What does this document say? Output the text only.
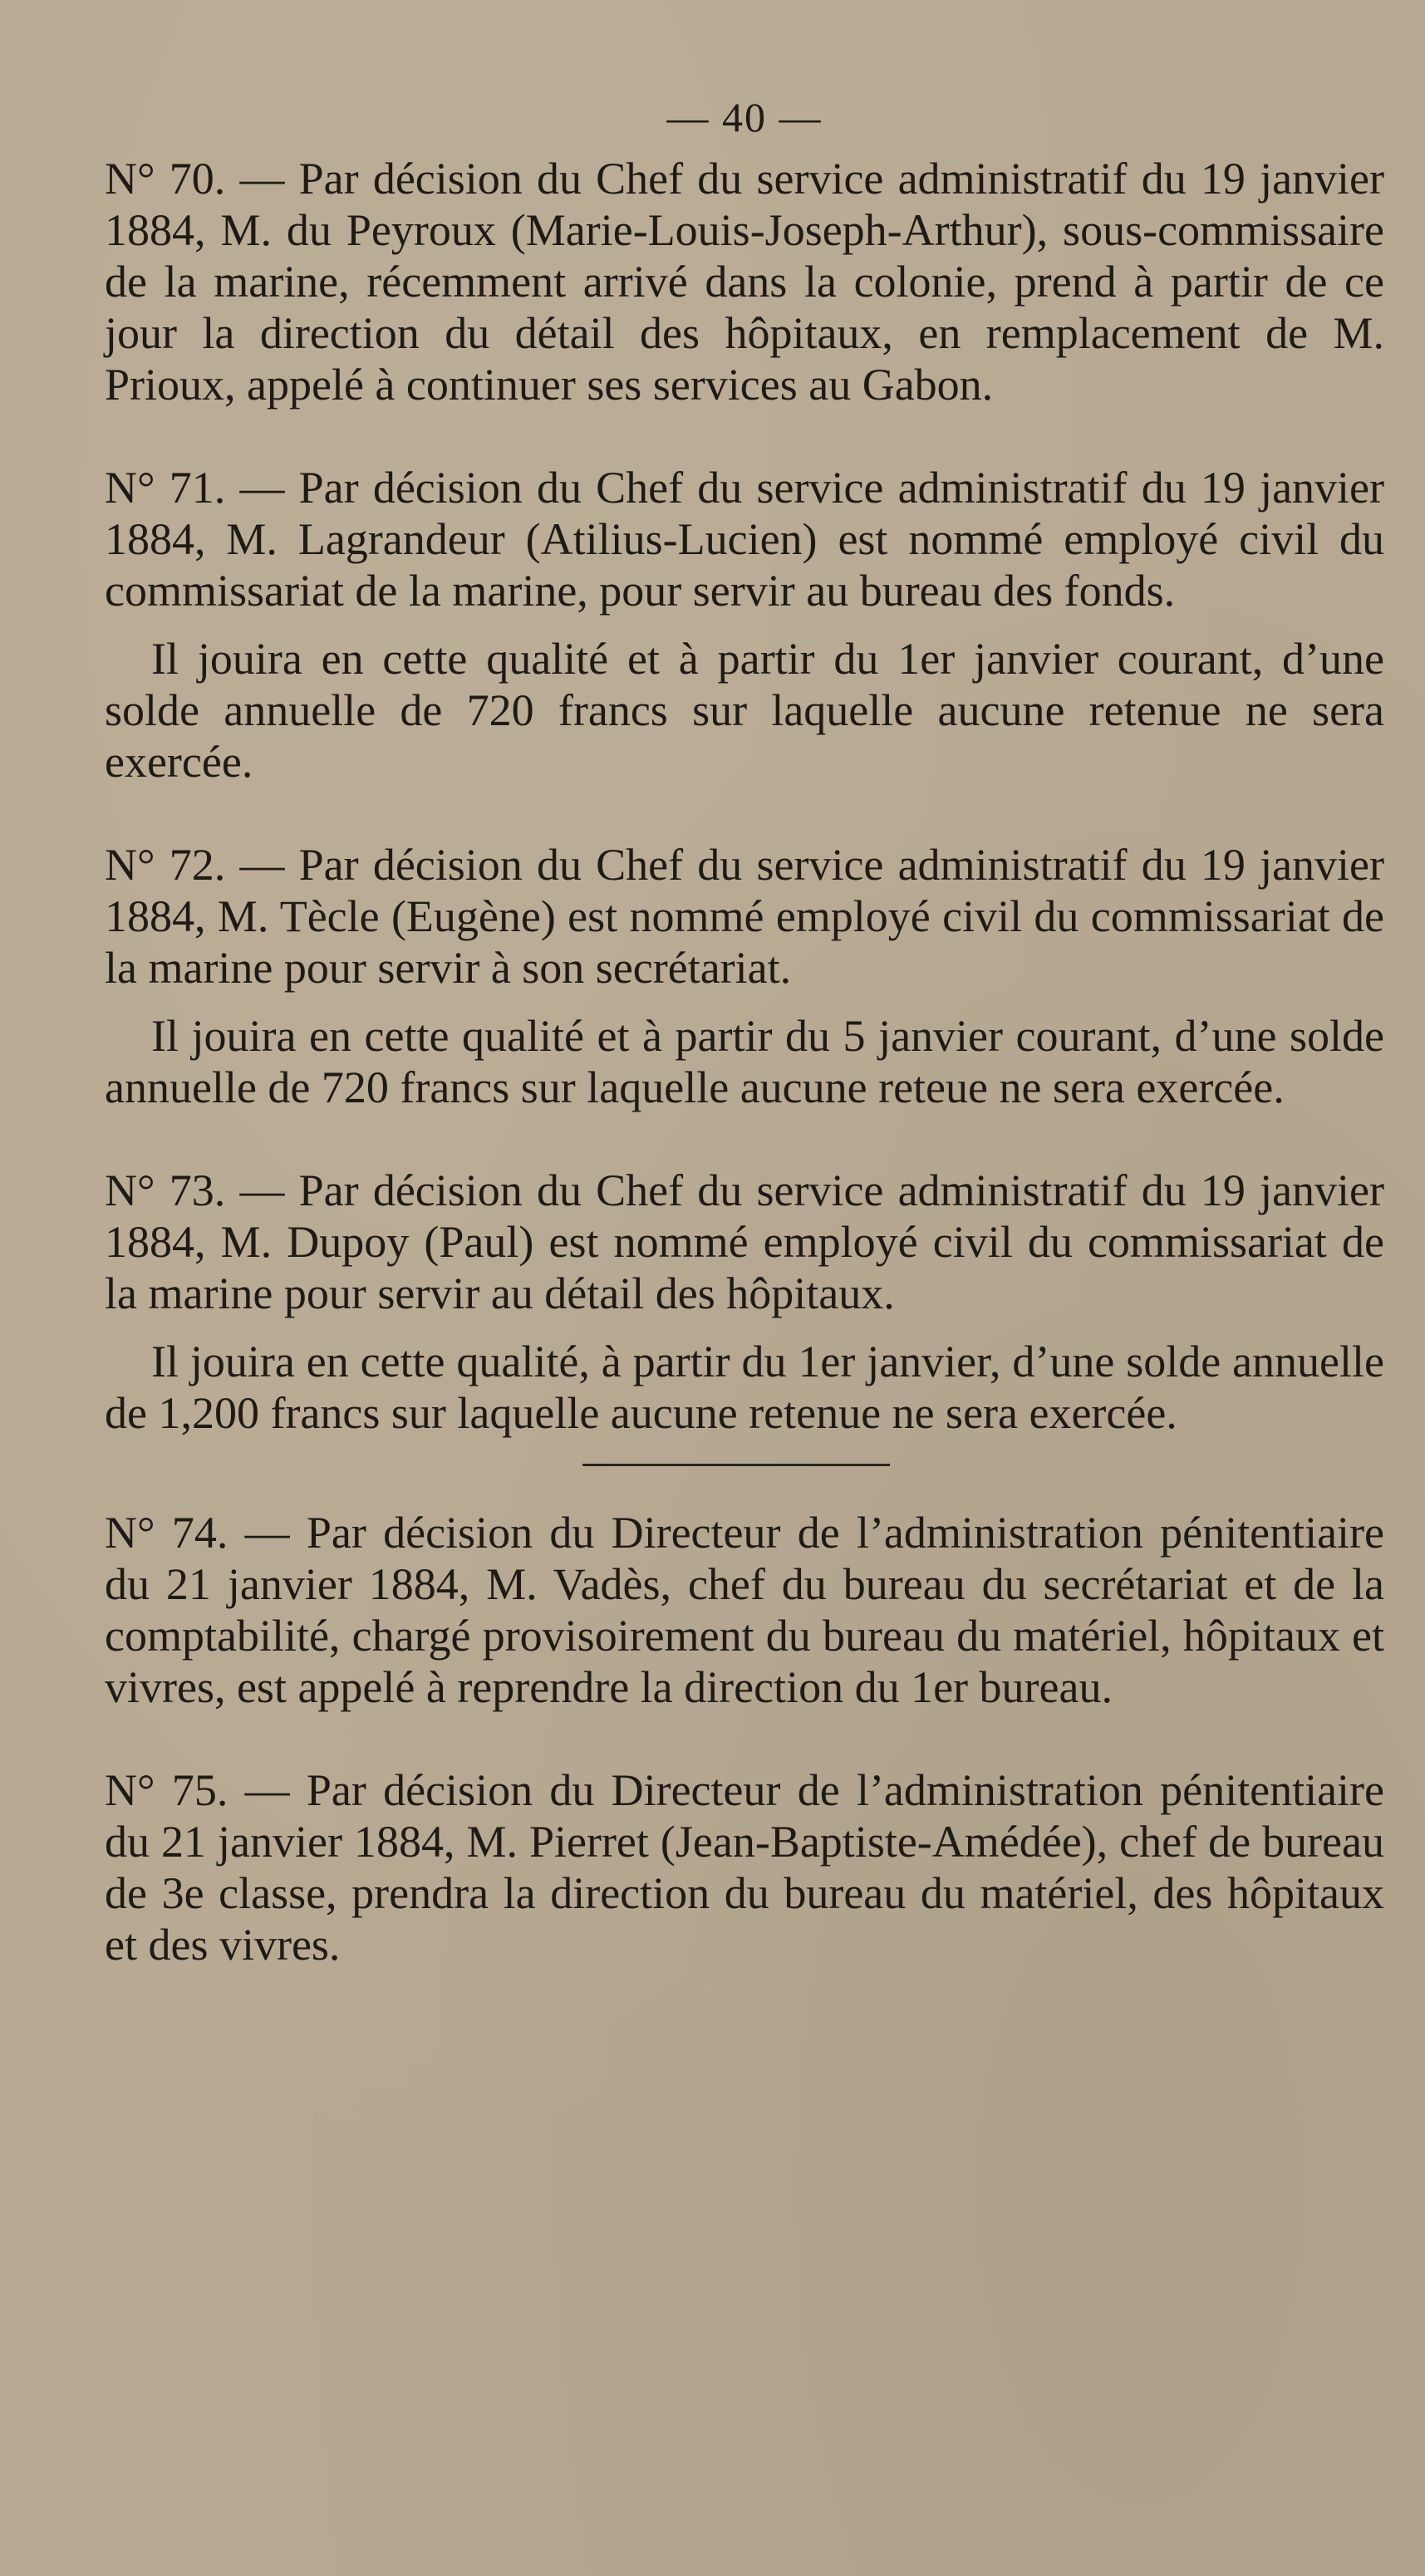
— 40 —

N° 70. — Par décision du Chef du service administratif du 19 janvier 1884, M. du Peyroux (Marie-Louis-Joseph-Arthur), sous-commissaire de la marine, récemment arrivé dans la colonie, prend à partir de ce jour la direction du détail des hôpitaux, en remplacement de M. Prioux, appelé à continuer ses services au Gabon.

N° 71. — Par décision du Chef du service administratif du 19 janvier 1884, M. Lagrandeur (Atilius-Lucien) est nommé employé civil du commissariat de la marine, pour servir au bureau des fonds.

Il jouira en cette qualité et à partir du 1er janvier courant, d’une solde annuelle de 720 francs sur laquelle aucune retenue ne sera exercée.

N° 72. — Par décision du Chef du service administratif du 19 janvier 1884, M. Tècle (Eugène) est nommé employé civil du commissariat de la marine pour servir à son secrétariat.

Il jouira en cette qualité et à partir du 5 janvier courant, d’une solde annuelle de 720 francs sur laquelle aucune reteue ne sera exercée.

N° 73. — Par décision du Chef du service administratif du 19 janvier 1884, M. Dupoy (Paul) est nommé employé civil du commissariat de la marine pour servir au détail des hôpitaux.

Il jouira en cette qualité, à partir du 1er janvier, d’une solde annuelle de 1,200 francs sur laquelle aucune retenue ne sera exercée.

N° 74. — Par décision du Directeur de l’administration pénitentiaire du 21 janvier 1884, M. Vadès, chef du bureau du secrétariat et de la comptabilité, chargé provisoirement du bureau du matériel, hôpitaux et vivres, est appelé à reprendre la direction du 1er bureau.

N° 75. — Par décision du Directeur de l’administration pénitentiaire du 21 janvier 1884, M. Pierret (Jean-Baptiste-Amédée), chef de bureau de 3e classe, prendra la direction du bureau du matériel, des hôpitaux et des vivres.
